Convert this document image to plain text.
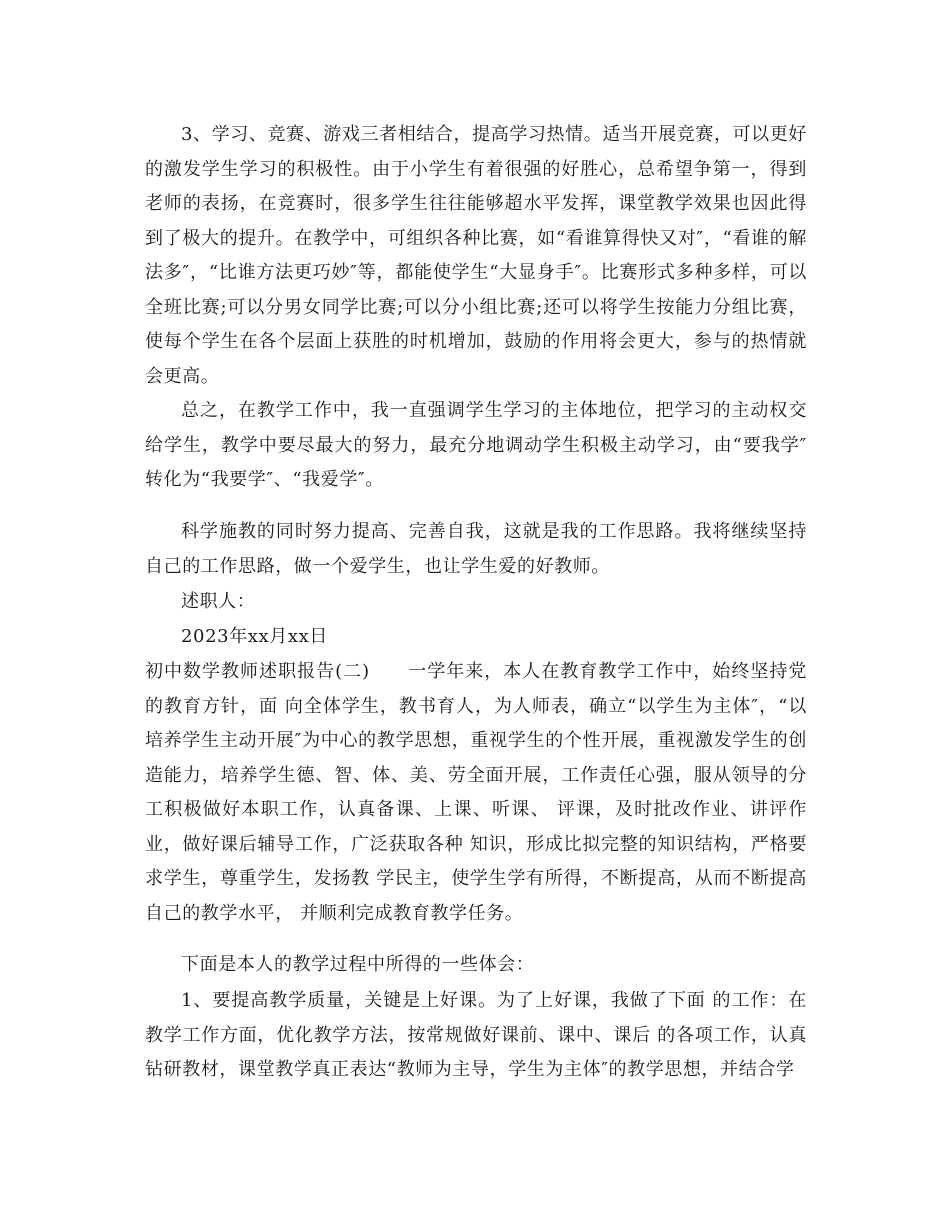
3、学习、竞赛、游戏三者相结合，提高学习热情。适当开展竞赛，可以更好的激发学生学习的积极性。由于小学生有着很强的好胜心，总希望争第一，得到老师的表扬，在竞赛时，很多学生往往能够超水平发挥，课堂教学效果也因此得到了极大的提升。在教学中，可组织各种比赛，如“看谁算得快又对″，“看谁的解法多″，“比谁方法更巧妙″等，都能使学生“大显身手″。比赛形式多种多样，可以全班比赛;可以分男女同学比赛;可以分小组比赛;还可以将学生按能力分组比赛，使每个学生在各个层面上获胜的时机增加，鼓励的作用将会更大，参与的热情就会更高。

总之，在教学工作中，我一直强调学生学习的主体地位，把学习的主动权交给学生，教学中要尽最大的努力，最充分地调动学生积极主动学习，由“要我学″转化为“我要学″、“我爱学″。

科学施教的同时努力提高、完善自我，这就是我的工作思路。我将继续坚持自己的工作思路，做一个爱学生，也让学生爱的好教师。

述职人：

2023年xx月xx日

初中数学教师述职报告(二)　　一学年来，本人在教育教学工作中，始终坚持党的教育方针，面 向全体学生，教书育人，为人师表，确立“以学生为主体″，“以培养学生主动开展″为中心的教学思想，重视学生的个性开展，重视激发学生的创造能力，培养学生德、智、体、美、劳全面开展，工作责任心强，服从领导的分工积极做好本职工作，认真备课、上课、听课、 评课，及时批改作业、讲评作业，做好课后辅导工作，广泛获取各种 知识，形成比拟完整的知识结构，严格要求学生，尊重学生，发扬教 学民主，使学生学有所得，不断提高，从而不断提高自己的教学水平， 并顺利完成教育教学任务。

下面是本人的教学过程中所得的一些体会：

1、要提高教学质量，关键是上好课。为了上好课，我做了下面 的工作：在教学工作方面，优化教学方法，按常规做好课前、课中、课后 的各项工作，认真钻研教材，课堂教学真正表达“教师为主导，学生为主体″的教学思想，并结合学
